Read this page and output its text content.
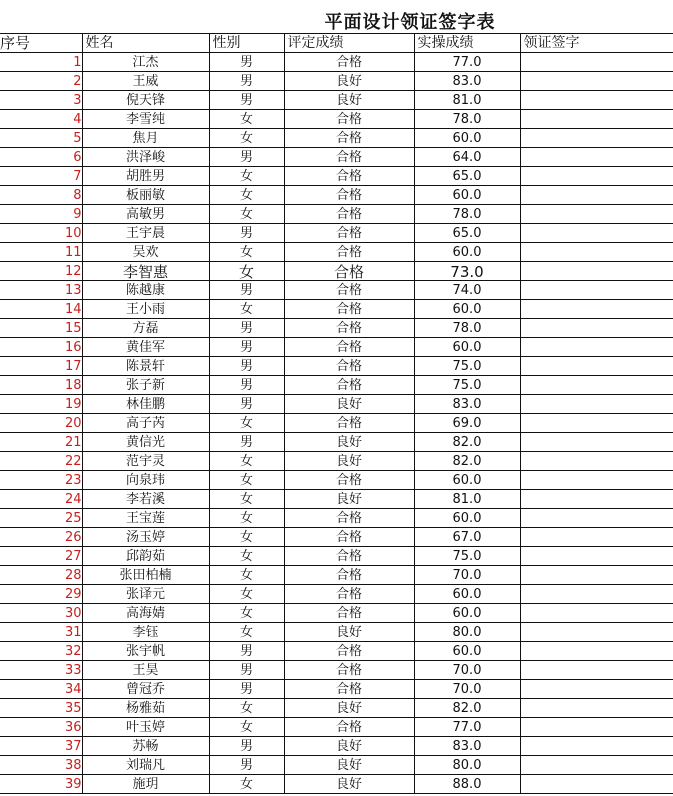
平面设计领证签字表
序号	姓名	性别	评定成绩	实操成绩	领证签字
1	江杰	男	合格	77.0	
2	王威	男	良好	83.0	
3	倪天锋	男	良好	81.0	
4	李雪纯	女	合格	78.0	
5	焦月	女	合格	60.0	
6	洪泽峻	男	合格	64.0	
7	胡胜男	女	合格	65.0	
8	板丽敏	女	合格	60.0	
9	高敏男	女	合格	78.0	
10	王宇晨	男	合格	65.0	
11	吴欢	女	合格	60.0	
12	李智惠	女	合格	73.0	
13	陈越康	男	合格	74.0	
14	王小雨	女	合格	60.0	
15	方磊	男	合格	78.0	
16	黄佳军	男	合格	60.0	
17	陈景轩	男	合格	75.0	
18	张子新	男	合格	75.0	
19	林佳鹏	男	良好	83.0	
20	高子芮	女	合格	69.0	
21	黄信光	男	良好	82.0	
22	范宇灵	女	良好	82.0	
23	向泉玮	女	合格	60.0	
24	李若溪	女	良好	81.0	
25	王宝莲	女	合格	60.0	
26	汤玉婷	女	合格	67.0	
27	邱韵茹	女	合格	75.0	
28	张田柏楠	女	合格	70.0	
29	张译元	女	合格	60.0	
30	高海婧	女	合格	60.0	
31	李钰	女	良好	80.0	
32	张宇帆	男	合格	60.0	
33	王昊	男	合格	70.0	
34	曾冠乔	男	合格	70.0	
35	杨雅茹	女	良好	82.0	
36	叶玉婷	女	合格	77.0	
37	苏畅	男	良好	83.0	
38	刘瑞凡	男	良好	80.0	
39	施玥	女	良好	88.0	
